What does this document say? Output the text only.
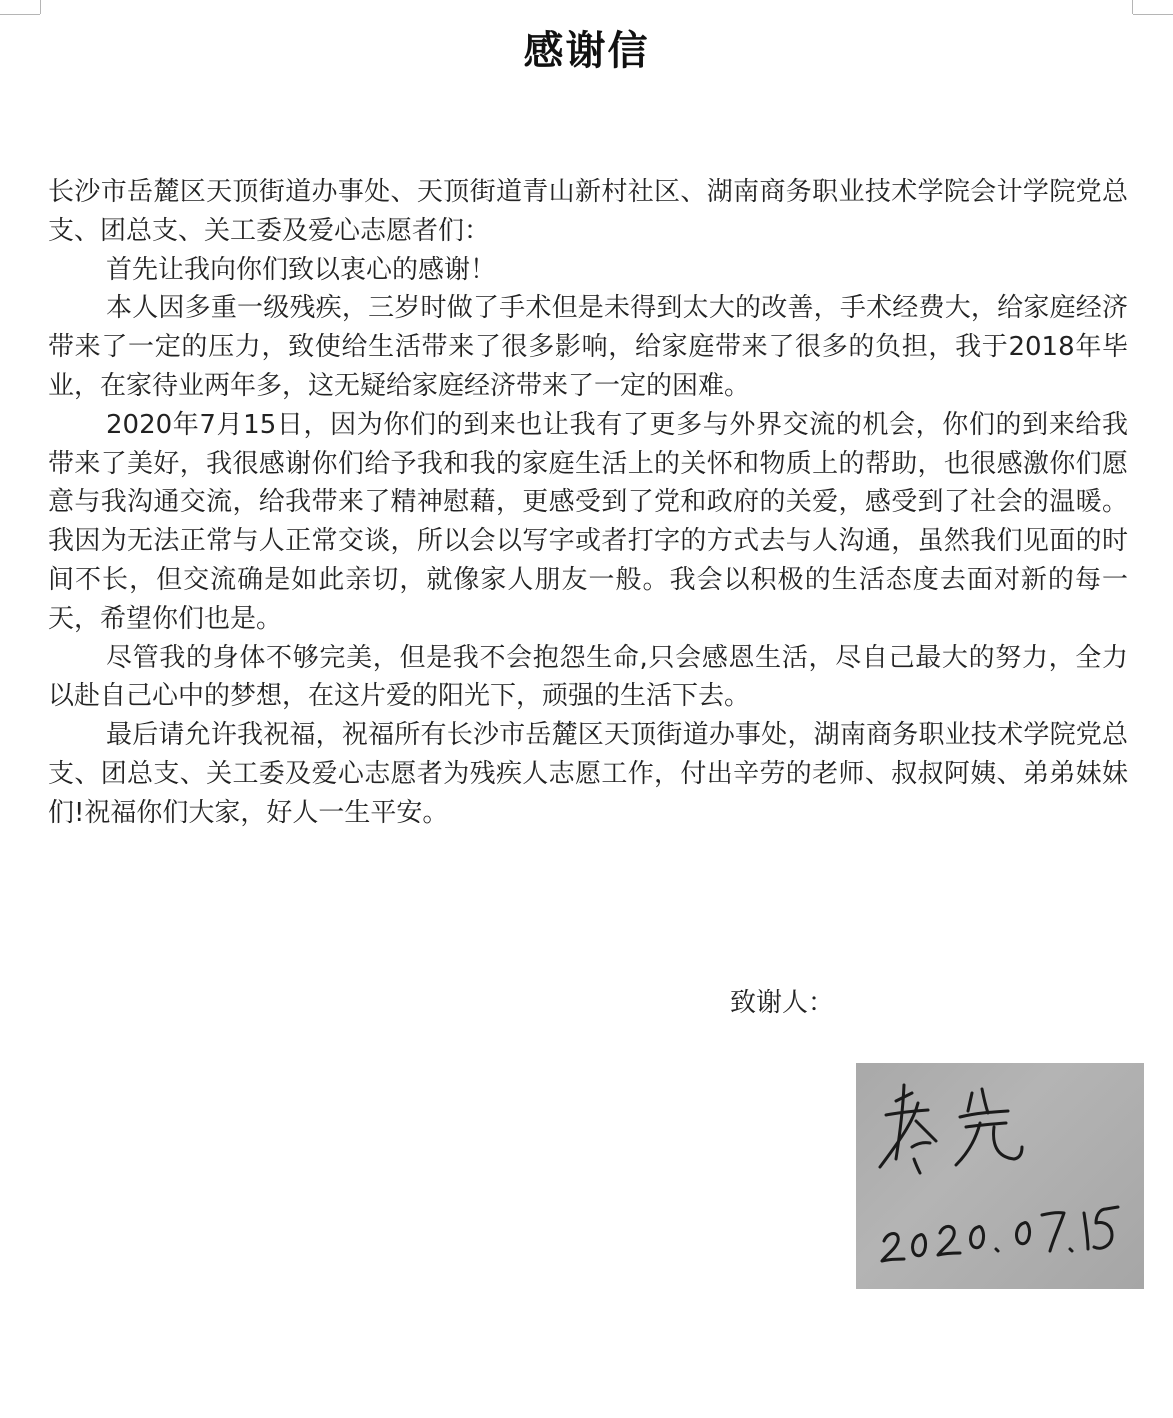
感谢信

长沙市岳麓区天顶街道办事处、天顶街道青山新村社区、湖南商务职业技术学院会计学院党总支、团总支、关工委及爱心志愿者们：

首先让我向你们致以衷心的感谢！

本人因多重一级残疾，三岁时做了手术但是未得到太大的改善，手术经费大，给家庭经济带来了一定的压力，致使给生活带来了很多影响，给家庭带来了很多的负担，我于2018年毕业，在家待业两年多，这无疑给家庭经济带来了一定的困难。

2020年7月15日，因为你们的到来也让我有了更多与外界交流的机会，你们的到来给我带来了美好，我很感谢你们给予我和我的家庭生活上的关怀和物质上的帮助，也很感激你们愿意与我沟通交流，给我带来了精神慰藉，更感受到了党和政府的关爱，感受到了社会的温暖。我因为无法正常与人正常交谈，所以会以写字或者打字的方式去与人沟通，虽然我们见面的时间不长，但交流确是如此亲切，就像家人朋友一般。我会以积极的生活态度去面对新的每一天，希望你们也是。

尽管我的身体不够完美，但是我不会抱怨生命,只会感恩生活，尽自己最大的努力，全力以赴自己心中的梦想，在这片爱的阳光下，顽强的生活下去。

最后请允许我祝福，祝福所有长沙市岳麓区天顶街道办事处，湖南商务职业技术学院党总支、团总支、关工委及爱心志愿者为残疾人志愿工作，付出辛劳的老师、叔叔阿姨、弟弟妹妹们!祝福你们大家，好人一生平安。

致谢人：
